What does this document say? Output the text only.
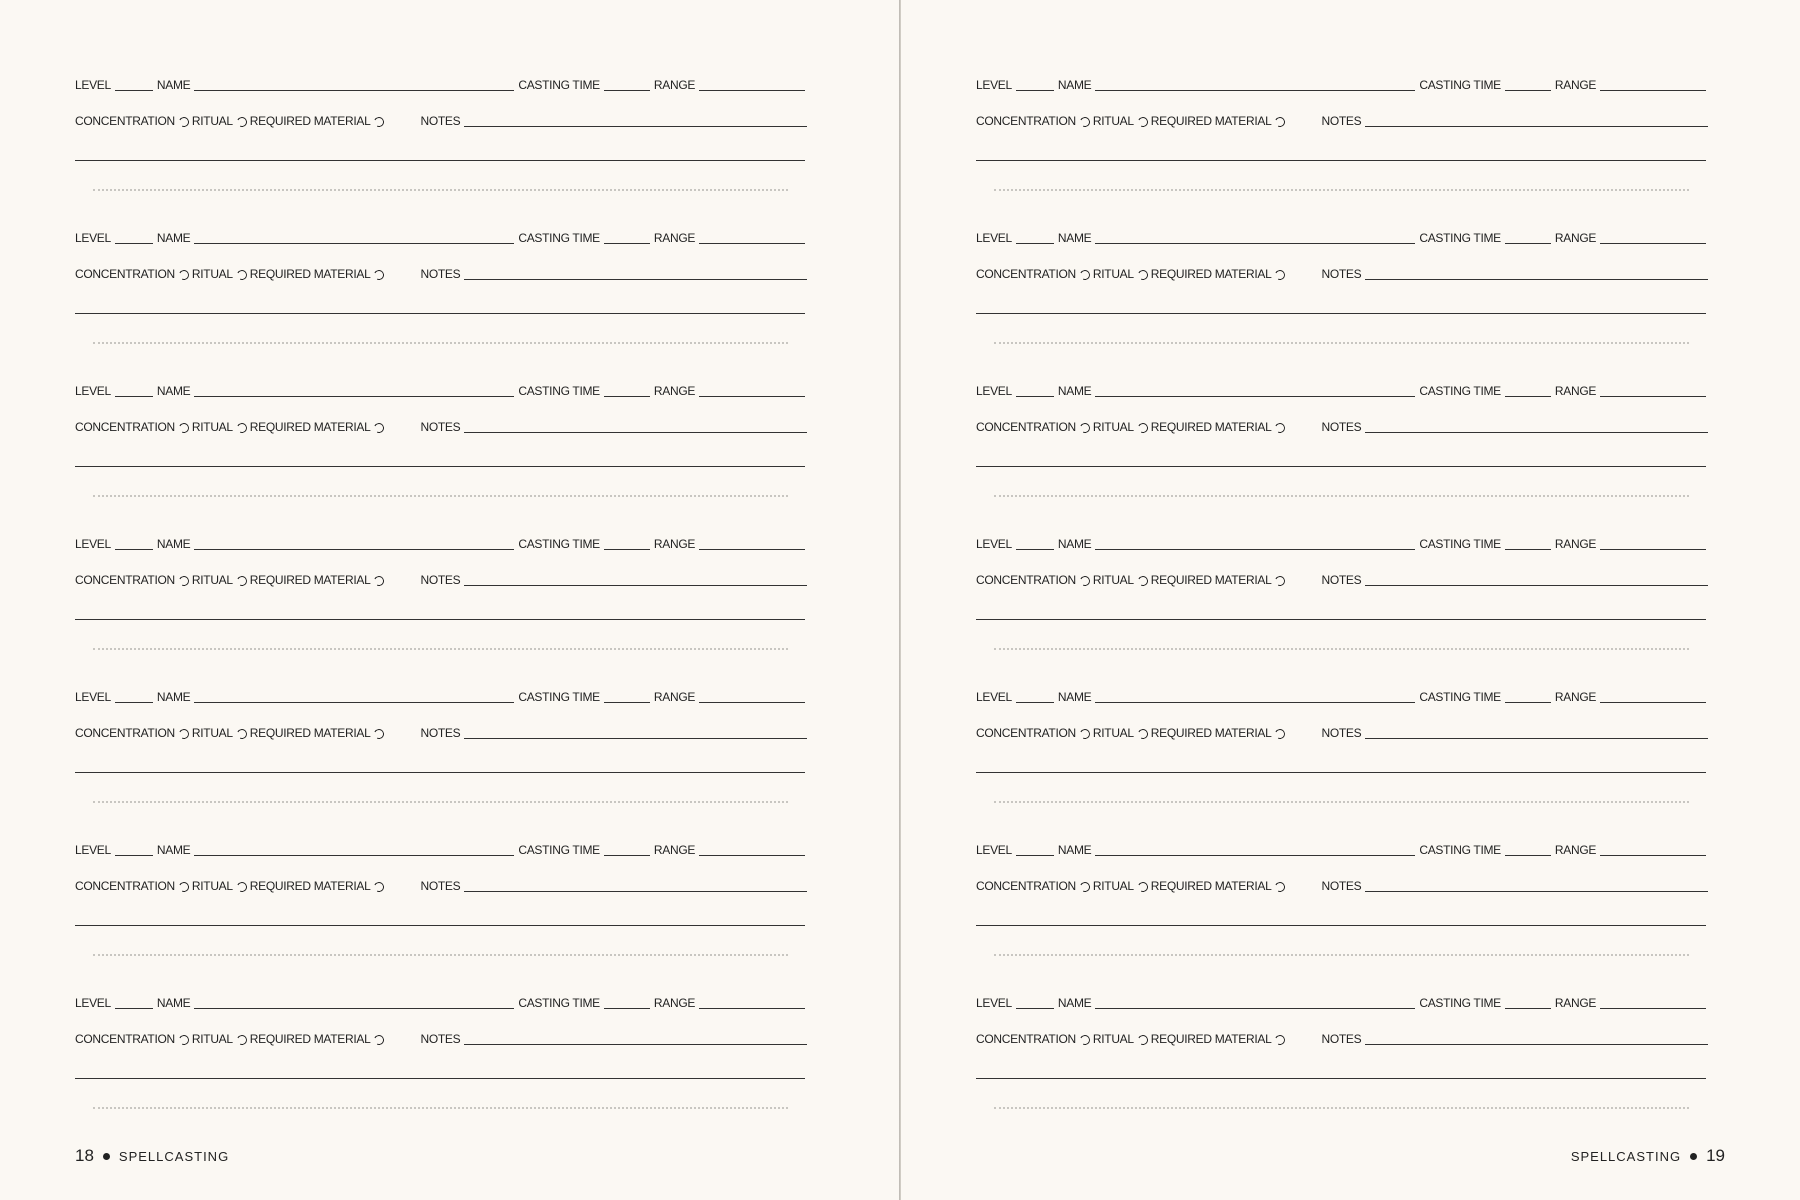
LEVEL	NAME	CASTING TIME	RANGE
CONCENTRATION RITUAL REQUIRED MATERIAL	NOTES
LEVEL	NAME	CASTING TIME	RANGE
CONCENTRATION RITUAL REQUIRED MATERIAL	NOTES
LEVEL	NAME	CASTING TIME	RANGE
CONCENTRATION RITUAL REQUIRED MATERIAL	NOTES
LEVEL	NAME	CASTING TIME	RANGE
CONCENTRATION RITUAL REQUIRED MATERIAL	NOTES
LEVEL	NAME	CASTING TIME	RANGE
CONCENTRATION RITUAL REQUIRED MATERIAL	NOTES
LEVEL	NAME	CASTING TIME	RANGE
CONCENTRATION RITUAL REQUIRED MATERIAL	NOTES
LEVEL	NAME	CASTING TIME	RANGE
CONCENTRATION RITUAL REQUIRED MATERIAL	NOTES
18 SPELLCASTING
LEVEL	NAME	CASTING TIME	RANGE
CONCENTRATION RITUAL REQUIRED MATERIAL	NOTES
LEVEL	NAME	CASTING TIME	RANGE
CONCENTRATION RITUAL REQUIRED MATERIAL	NOTES
LEVEL	NAME	CASTING TIME	RANGE
CONCENTRATION RITUAL REQUIRED MATERIAL	NOTES
LEVEL	NAME	CASTING TIME	RANGE
CONCENTRATION RITUAL REQUIRED MATERIAL	NOTES
LEVEL	NAME	CASTING TIME	RANGE
CONCENTRATION RITUAL REQUIRED MATERIAL	NOTES
LEVEL	NAME	CASTING TIME	RANGE
CONCENTRATION RITUAL REQUIRED MATERIAL	NOTES
LEVEL	NAME	CASTING TIME	RANGE
CONCENTRATION RITUAL REQUIRED MATERIAL	NOTES
SPELLCASTING 19
